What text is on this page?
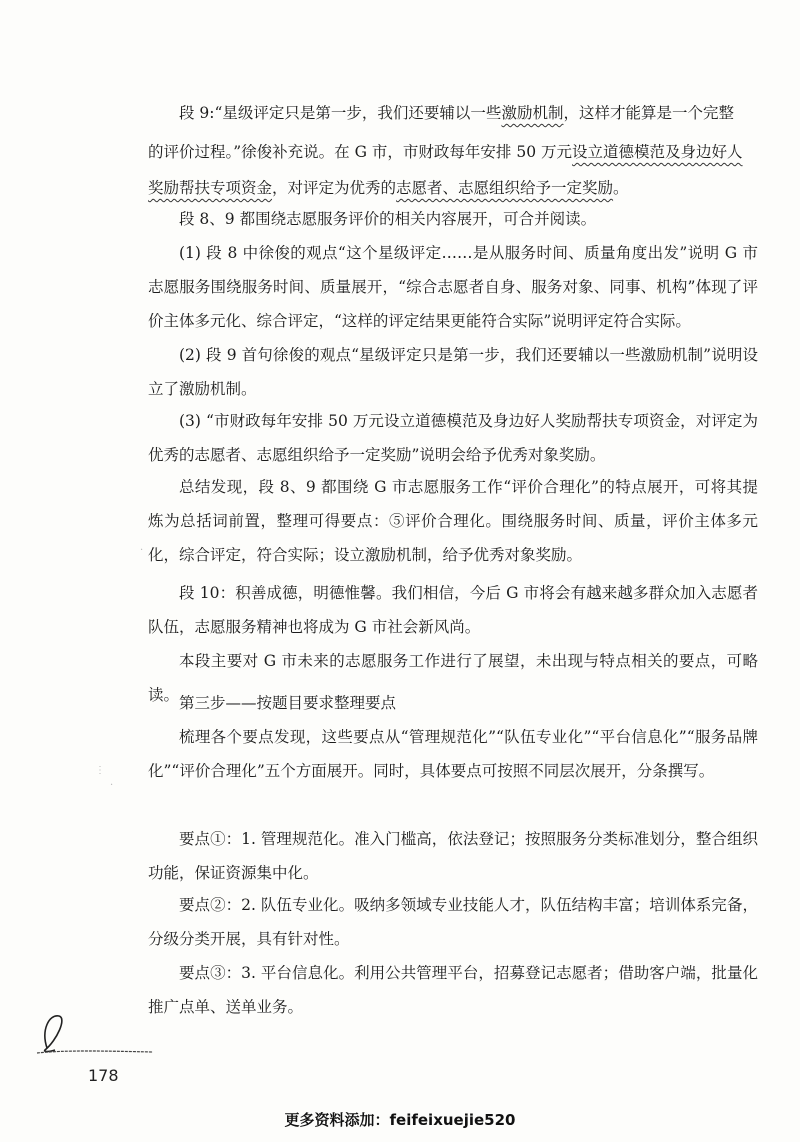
段 9:“星级评定只是第一步，我们还要辅以一些激励机制，这样才能算是一个完整
的评价过程。”徐俊补充说。在 G 市，市财政每年安排 50 万元设立道德模范及身边好人
奖励帮扶专项资金，对评定为优秀的志愿者、志愿组织给予一定奖励。

段 8、9 都围绕志愿服务评价的相关内容展开，可合并阅读。

(1) 段 8 中徐俊的观点“这个星级评定……是从服务时间、质量角度出发”说明 G 市志愿服务围绕服务时间、质量展开，“综合志愿者自身、服务对象、同事、机构”体现了评价主体多元化、综合评定，“这样的评定结果更能符合实际”说明评定符合实际。

(2) 段 9 首句徐俊的观点“星级评定只是第一步，我们还要辅以一些激励机制”说明设立了激励机制。

(3) “市财政每年安排 50 万元设立道德模范及身边好人奖励帮扶专项资金，对评定为优秀的志愿者、志愿组织给予一定奖励”说明会给予优秀对象奖励。

总结发现，段 8、9 都围绕 G 市志愿服务工作“评价合理化”的特点展开，可将其提炼为总括词前置，整理可得要点：⑤评价合理化。围绕服务时间、质量，评价主体多元化，综合评定，符合实际；设立激励机制，给予优秀对象奖励。

段 10：积善成德，明德惟馨。我们相信，今后 G 市将会有越来越多群众加入志愿者队伍，志愿服务精神也将成为 G 市社会新风尚。

本段主要对 G 市未来的志愿服务工作进行了展望，未出现与特点相关的要点，可略读。 第三步——按题目要求整理要点

梳理各个要点发现，这些要点从“管理规范化”“队伍专业化”“平台信息化”“服务品牌化”“评价合理化”五个方面展开。同时，具体要点可按照不同层次展开，分条撰写。

要点①：1. 管理规范化。准入门槛高，依法登记；按照服务分类标准划分，整合组织功能，保证资源集中化。

要点②：2. 队伍专业化。吸纳多领域专业技能人才，队伍结构丰富；培训体系完备，分级分类开展，具有针对性。

要点③：3. 平台信息化。利用公共管理平台，招募登记志愿者；借助客户端，批量化推广点单、送单业务。

·
⋮
·
178
更多资料添加：feifeixuejie520
